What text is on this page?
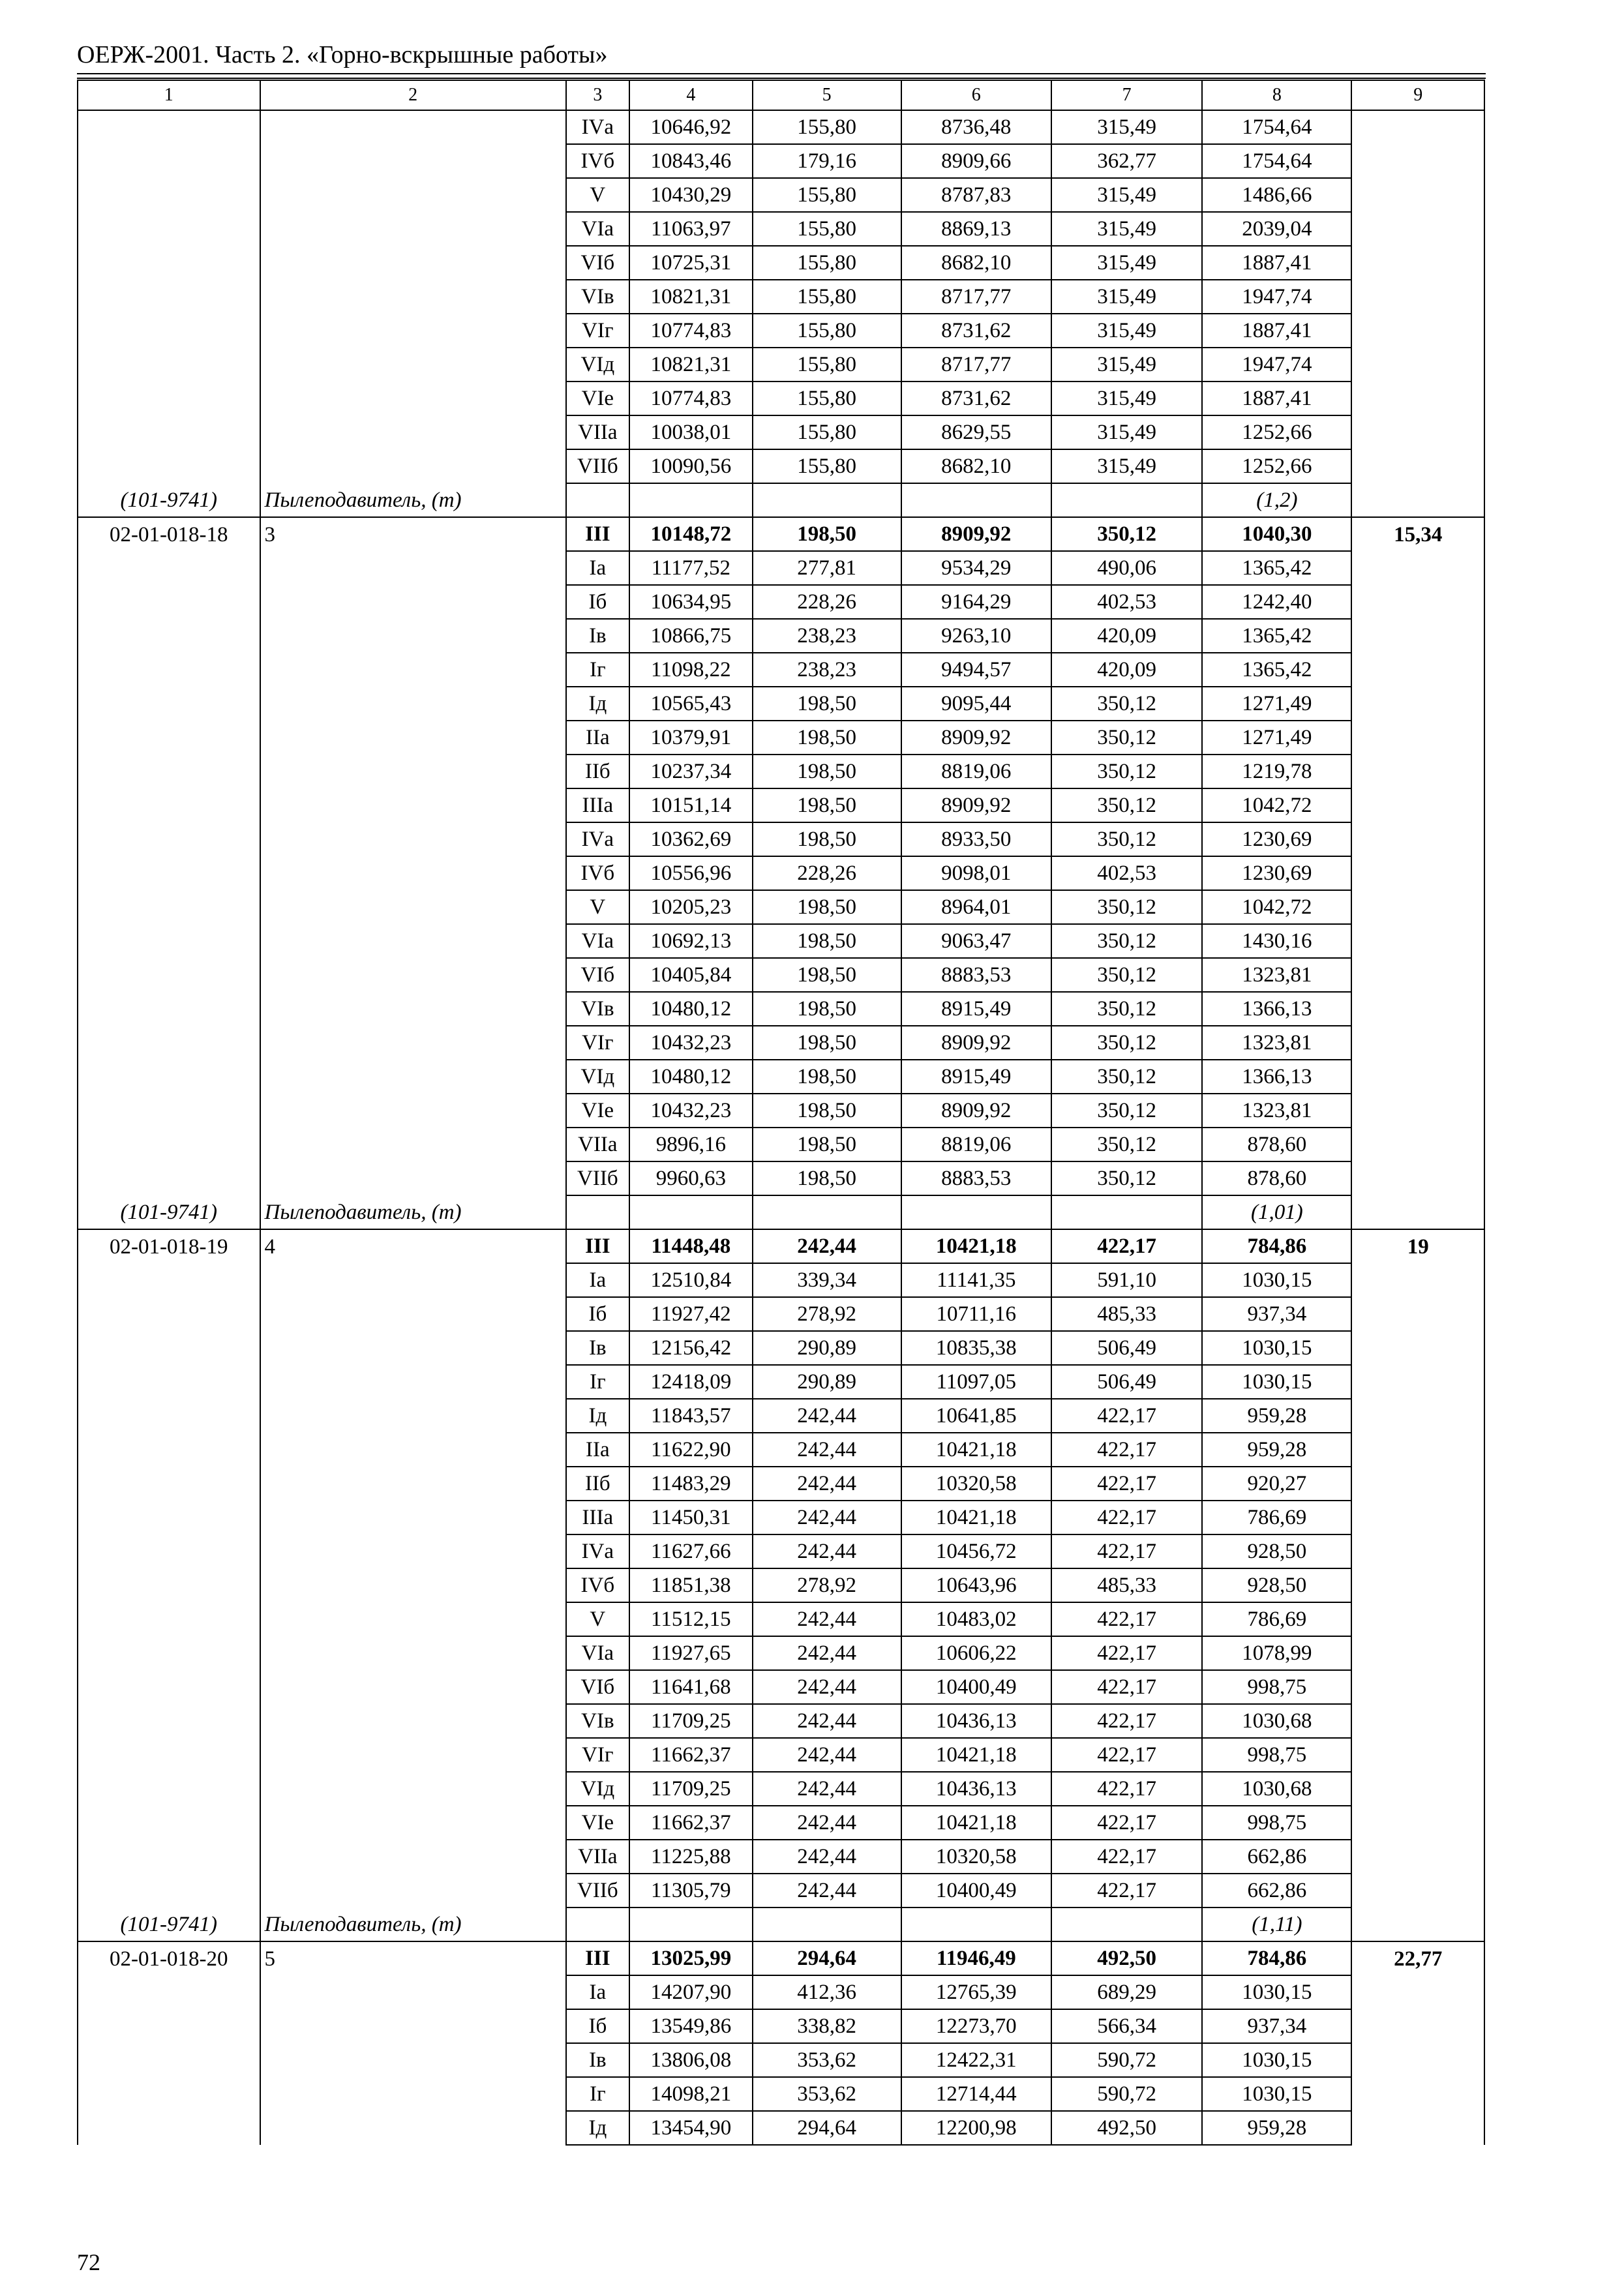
ОЕРЖ-2001. Часть 2. «Горно-вскрышные работы»
1	2	3	4	5	6	7	8	9
		IVа	10646,92	155,80	8736,48	315,49	1754,64	
		IVб	10843,46	179,16	8909,66	362,77	1754,64	
		V	10430,29	155,80	8787,83	315,49	1486,66	
		VIа	11063,97	155,80	8869,13	315,49	2039,04	
		VIб	10725,31	155,80	8682,10	315,49	1887,41	
		VIв	10821,31	155,80	8717,77	315,49	1947,74	
		VIг	10774,83	155,80	8731,62	315,49	1887,41	
		VIд	10821,31	155,80	8717,77	315,49	1947,74	
		VIе	10774,83	155,80	8731,62	315,49	1887,41	
		VIIа	10038,01	155,80	8629,55	315,49	1252,66	
		VIIб	10090,56	155,80	8682,10	315,49	1252,66	
(101-9741)	Пылеподавитель, (т)						(1,2)	
02-01-018-18	3	III	10148,72	198,50	8909,92	350,12	1040,30	15,34
		Iа	11177,52	277,81	9534,29	490,06	1365,42	
		Iб	10634,95	228,26	9164,29	402,53	1242,40	
		Iв	10866,75	238,23	9263,10	420,09	1365,42	
		Iг	11098,22	238,23	9494,57	420,09	1365,42	
		Iд	10565,43	198,50	9095,44	350,12	1271,49	
		IIа	10379,91	198,50	8909,92	350,12	1271,49	
		IIб	10237,34	198,50	8819,06	350,12	1219,78	
		IIIа	10151,14	198,50	8909,92	350,12	1042,72	
		IVа	10362,69	198,50	8933,50	350,12	1230,69	
		IVб	10556,96	228,26	9098,01	402,53	1230,69	
		V	10205,23	198,50	8964,01	350,12	1042,72	
		VIа	10692,13	198,50	9063,47	350,12	1430,16	
		VIб	10405,84	198,50	8883,53	350,12	1323,81	
		VIв	10480,12	198,50	8915,49	350,12	1366,13	
		VIг	10432,23	198,50	8909,92	350,12	1323,81	
		VIд	10480,12	198,50	8915,49	350,12	1366,13	
		VIе	10432,23	198,50	8909,92	350,12	1323,81	
		VIIа	9896,16	198,50	8819,06	350,12	878,60	
		VIIб	9960,63	198,50	8883,53	350,12	878,60	
(101-9741)	Пылеподавитель, (т)						(1,01)	
02-01-018-19	4	III	11448,48	242,44	10421,18	422,17	784,86	19
		Iа	12510,84	339,34	11141,35	591,10	1030,15	
		Iб	11927,42	278,92	10711,16	485,33	937,34	
		Iв	12156,42	290,89	10835,38	506,49	1030,15	
		Iг	12418,09	290,89	11097,05	506,49	1030,15	
		Iд	11843,57	242,44	10641,85	422,17	959,28	
		IIа	11622,90	242,44	10421,18	422,17	959,28	
		IIб	11483,29	242,44	10320,58	422,17	920,27	
		IIIа	11450,31	242,44	10421,18	422,17	786,69	
		IVа	11627,66	242,44	10456,72	422,17	928,50	
		IVб	11851,38	278,92	10643,96	485,33	928,50	
		V	11512,15	242,44	10483,02	422,17	786,69	
		VIа	11927,65	242,44	10606,22	422,17	1078,99	
		VIб	11641,68	242,44	10400,49	422,17	998,75	
		VIв	11709,25	242,44	10436,13	422,17	1030,68	
		VIг	11662,37	242,44	10421,18	422,17	998,75	
		VIд	11709,25	242,44	10436,13	422,17	1030,68	
		VIе	11662,37	242,44	10421,18	422,17	998,75	
		VIIа	11225,88	242,44	10320,58	422,17	662,86	
		VIIб	11305,79	242,44	10400,49	422,17	662,86	
(101-9741)	Пылеподавитель, (т)						(1,11)	
02-01-018-20	5	III	13025,99	294,64	11946,49	492,50	784,86	22,77
		Iа	14207,90	412,36	12765,39	689,29	1030,15	
		Iб	13549,86	338,82	12273,70	566,34	937,34	
		Iв	13806,08	353,62	12422,31	590,72	1030,15	
		Iг	14098,21	353,62	12714,44	590,72	1030,15	
		Iд	13454,90	294,64	12200,98	492,50	959,28	
72
